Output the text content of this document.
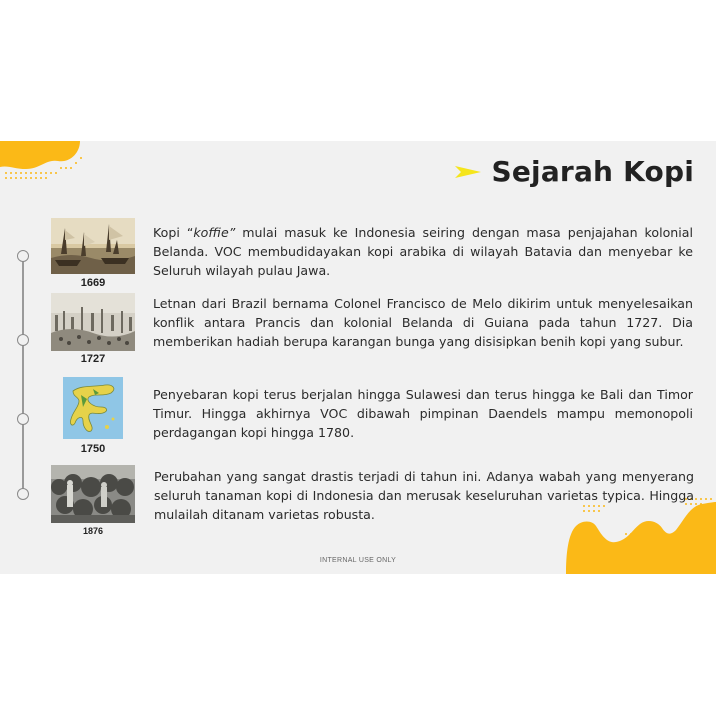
Sejarah Kopi
1669
Kopi “koffie” mulai masuk ke Indonesia seiring dengan masa penjajahan kolonial Belanda. VOC membudidayakan kopi arabika di wilayah Batavia dan menyebar ke Seluruh wilayah pulau Jawa.
1727
Letnan dari Brazil bernama Colonel Francisco de Melo dikirim untuk menyelesaikan konflik antara Prancis dan kolonial Belanda di Guiana pada tahun 1727. Dia memberikan hadiah berupa karangan bunga yang disisipkan benih kopi yang subur.
1750
Penyebaran kopi terus berjalan hingga Sulawesi dan terus hingga ke Bali dan Timor Timur. Hingga akhirnya VOC dibawah pimpinan Daendels mampu memonopoli perdagangan kopi hingga 1780.
1876
Perubahan yang sangat drastis terjadi di tahun ini. Adanya wabah yang menyerang seluruh tanaman kopi di Indonesia dan merusak keseluruhan varietas typica. Hingga mulailah ditanam varietas robusta.
INTERNAL USE ONLY
